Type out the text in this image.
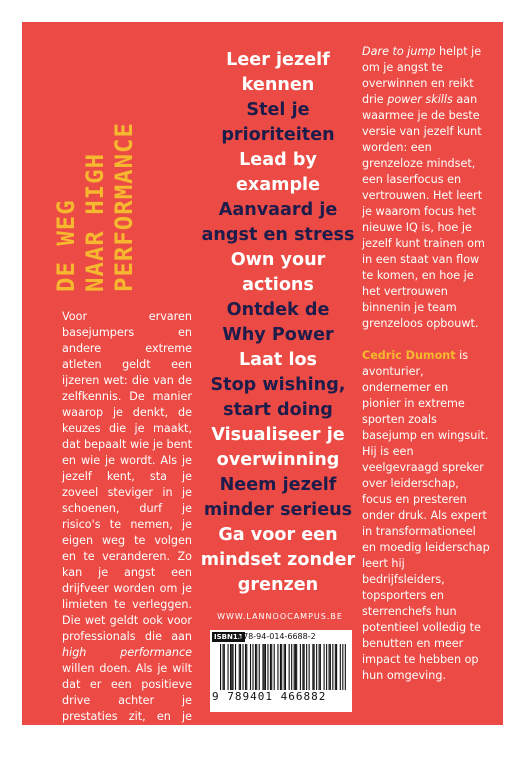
DE WEG NAAR HIGH PERFORMANCE
Voor ervaren basejumpers en andere extreme atleten geldt een ijzeren wet: die van de zelfkennis. De manier waarop je denkt, de keuzes die je maakt, dat bepaalt wie je bent en wie je wordt. Als je jezelf kent, sta je zoveel steviger in je schoenen, durf je risico's te nemen, je eigen weg te volgen en te veranderen. Zo kan je angst een drijfveer worden om je limieten te verleggen. Die wet geldt ook voor professionals die aan high performance willen doen. Als je wilt dat er een positieve drive achter je prestaties zit, en je echt je next level wilt bereiken, moet je jezelf leren kennen.
Leer jezelf
kennen
Stel je
prioriteiten
Lead by
example
Aanvaard je
angst en stress
Own your
actions
Ontdek de
Why Power
Laat los
Stop wishing,
start doing
Visualiseer je
overwinning
Neem jezelf
minder serieus
Ga voor een
mindset zonder
grenzen

Dare to jump helpt je om je angst te overwinnen en reikt drie power skills aan waarmee je de beste versie van jezelf kunt worden: een grenzeloze mindset, een laserfocus en vertrouwen. Het leert je waarom focus het nieuwe IQ is, hoe je jezelf kunt trainen om in een staat van flow te komen, en hoe je het vertrouwen binnenin je team grenzeloos opbouwt.

Cedric Dumont is avonturier, ondernemer en pionier in extreme sporten zoals basejump en wingsuit. Hij is een veelgevraagd spreker over leiderschap, focus en presteren onder druk. Als expert in transformationeel en moedig leiderschap leert hij bedrijfsleiders, topsporters en sterrenchefs hun potentieel volledig te benutten en meer impact te hebben op hun omgeving.

WWW.LANNOOCAMPUS.BE
ISBN13
978-94-014-6688-2
9 789401 466882
